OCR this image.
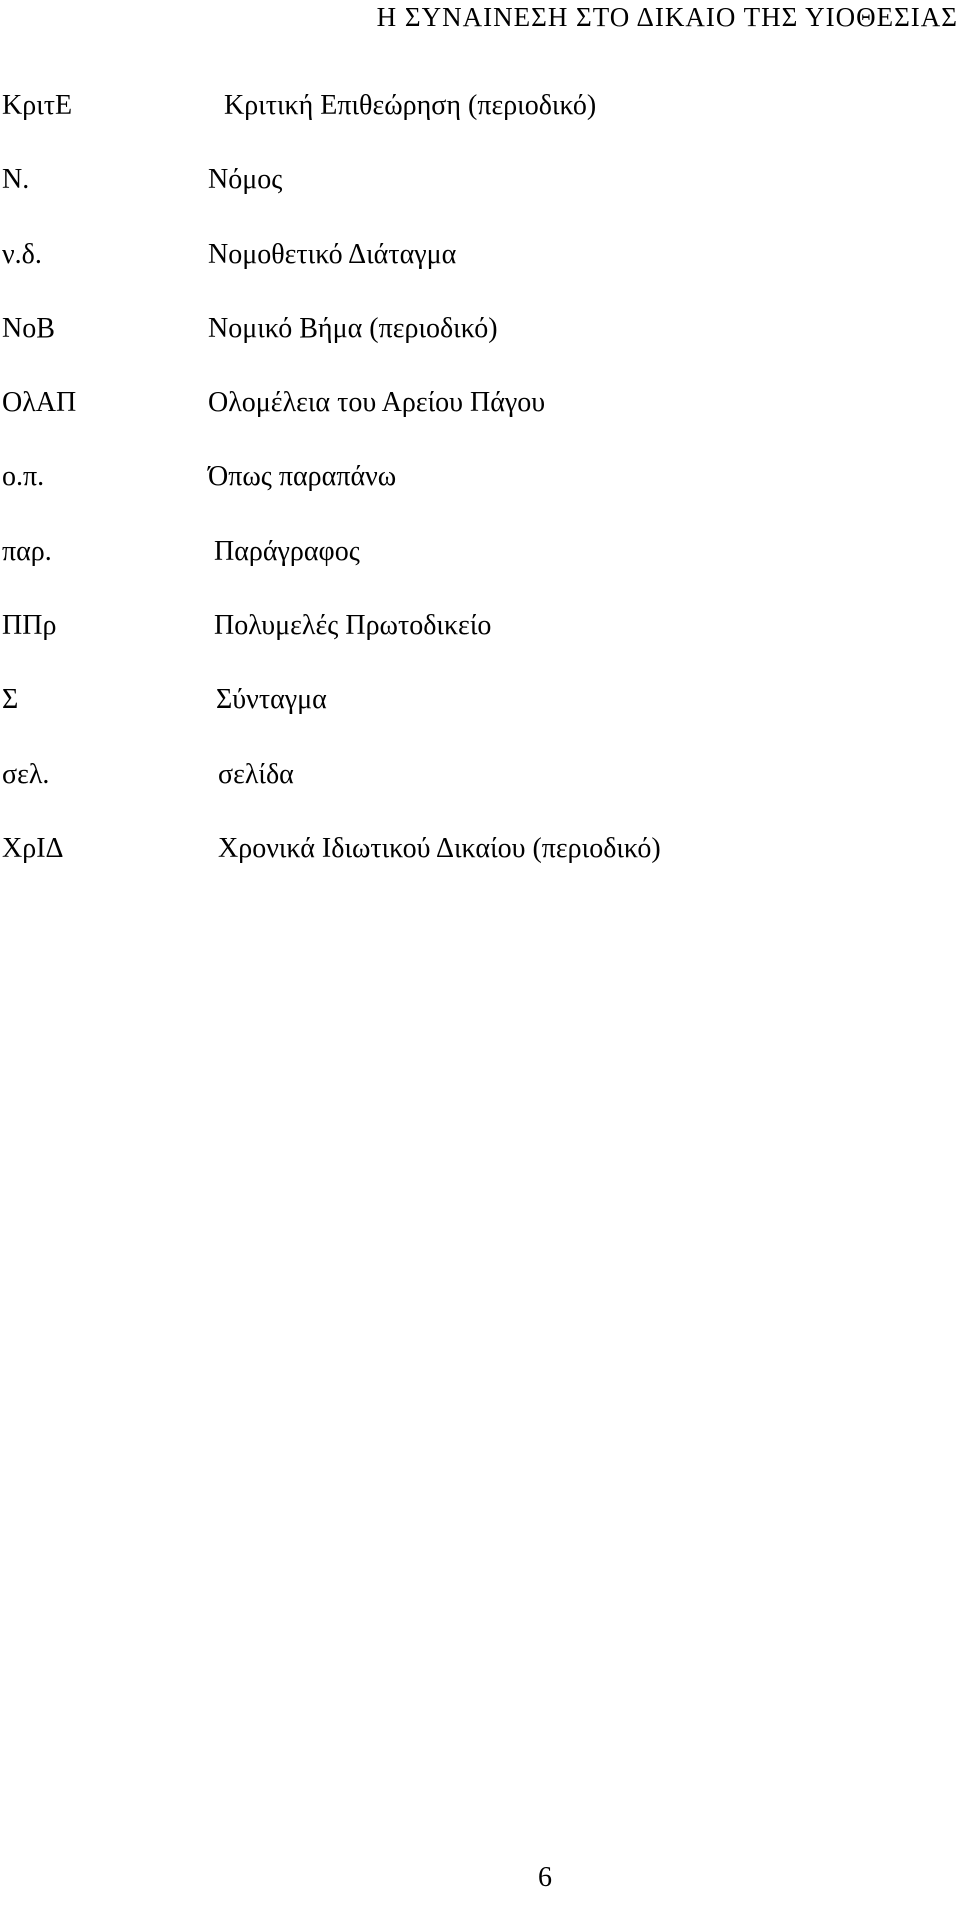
Η ΣΥΝΑΙΝΕΣΗ ΣΤΟ ΔΙΚΑΙΟ ΤΗΣ ΥΙΟΘΕΣΙΑΣ
ΚριτΕ	Κριτική Επιθεώρηση (περιοδικό)
Ν.	Νόμος
ν.δ.	Νομοθετικό Διάταγμα
ΝοΒ	Νομικό Βήμα (περιοδικό)
ΟλΑΠ	Ολομέλεια του Αρείου Πάγου
ο.π.	Όπως παραπάνω
παρ.	Παράγραφος
ΠΠρ	Πολυμελές Πρωτοδικείο
Σ	Σύνταγμα
σελ.	σελίδα
ΧρΙΔ	Χρονικά Ιδιωτικού Δικαίου (περιοδικό)
6
